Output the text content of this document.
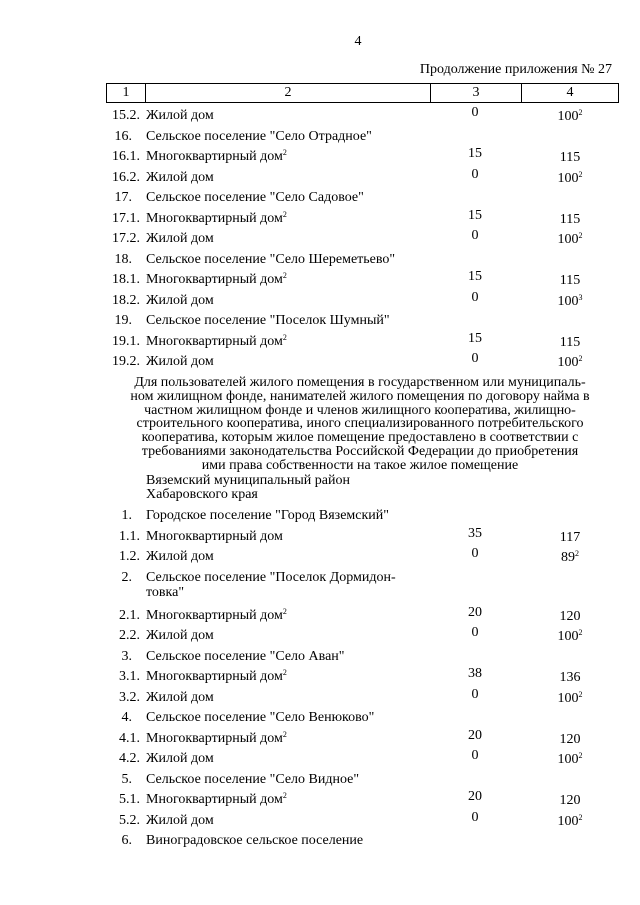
4
Продолжение приложения № 27
1	2	3	4
15.2. Жилой дом	0	$100^2$
16. Сельское поселение "Село Отрадное"
16.1. Многоквартирный дом$^2$	15	115
16.2. Жилой дом	0	$100^2$
17. Сельское поселение "Село Садовое"
17.1. Многоквартирный дом$^2$	15	115
17.2. Жилой дом	0	$100^2$
18. Сельское поселение "Село Шереметьево"
18.1. Многоквартирный дом$^2$	15	115
18.2. Жилой дом	0	$100^3$
19. Сельское поселение "Поселок Шумный"
19.1. Многоквартирный дом$^2$	15	115
19.2. Жилой дом	0	$100^2$
Для пользователей жилого помещения в государственном или муниципаль-
ном жилищном фонде, нанимателей жилого помещения по договору найма в
частном жилищном фонде и членов жилищного кооператива, жилищно-
строительного кооператива, иного специализированного потребительского
кооператива, которым жилое помещение предоставлено в соответствии с
требованиями законодательства Российской Федерации до приобретения
ими права собственности на такое жилое помещение
Вяземский муниципальный район
Хабаровского края
1. Городское поселение "Город Вяземский"
1.1. Многоквартирный дом	35	117
1.2. Жилой дом	0	$89^2$
2. Сельское поселение "Поселок Дормидон-
товка"
2.1. Многоквартирный дом$^2$	20	120
2.2. Жилой дом	0	$100^2$
3. Сельское поселение "Село Аван"
3.1. Многоквартирный дом$^2$	38	136
3.2. Жилой дом	0	$100^2$
4. Сельское поселение "Село Венюково"
4.1. Многоквартирный дом$^2$	20	120
4.2. Жилой дом	0	$100^2$
5. Сельское поселение "Село Видное"
5.1. Многоквартирный дом$^2$	20	120
5.2. Жилой дом	0	$100^2$
6. Виноградовское сельское поселение
